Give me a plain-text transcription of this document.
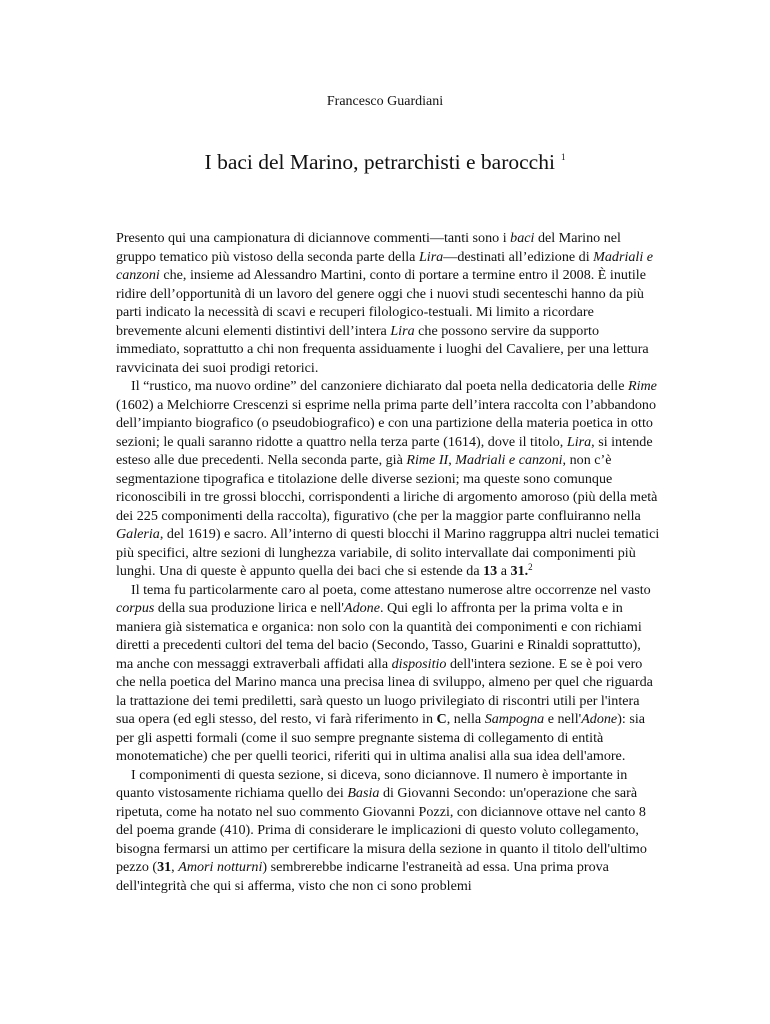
Francesco Guardiani
I baci del Marino, petrarchisti e barocchi $^1$

Presento qui una campionatura di diciannove commenti—tanti sono i baci del Marino nel gruppo tematico più vistoso della seconda parte della Lira—destinati all’edizione di Madriali e canzoni che, insieme ad Alessandro Martini, conto di portare a termine entro il 2008. È inutile ridire dell’opportunità di un lavoro del genere oggi che i nuovi studi secenteschi hanno da più parti indicato la necessità di scavi e recuperi filologico-testuali. Mi limito a ricordare brevemente alcuni elementi distintivi dell’intera Lira che possono servire da supporto immediato, soprattutto a chi non frequenta assiduamente i luoghi del Cavaliere, per una lettura ravvicinata dei suoi prodigi retorici.

Il “rustico, ma nuovo ordine” del canzoniere dichiarato dal poeta nella dedicatoria delle Rime (1602) a Melchiorre Crescenzi si esprime nella prima parte dell’intera raccolta con l’abbandono dell’impianto biografico (o pseudobiografico) e con una partizione della materia poetica in otto sezioni; le quali saranno ridotte a quattro nella terza parte (1614), dove il titolo, Lira, si intende esteso alle due precedenti. Nella seconda parte, già Rime II, Madriali e canzoni, non c’è segmentazione tipografica e titolazione delle diverse sezioni; ma queste sono comunque riconoscibili in tre grossi blocchi, corrispondenti a liriche di argomento amoroso (più della metà dei 225 componimenti della raccolta), figurativo (che per la maggior parte confluiranno nella Galeria, del 1619) e sacro. All’interno di questi blocchi il Marino raggruppa altri nuclei tematici più specifici, altre sezioni di lunghezza variabile, di solito intervallate dai componimenti più lunghi. Una di queste è appunto quella dei baci che si estende da 13 a 31.$^2$

Il tema fu particolarmente caro al poeta, come attestano numerose altre occorrenze nel vasto corpus della sua produzione lirica e nell'Adone. Qui egli lo affronta per la prima volta e in maniera già sistematica e organica: non solo con la quantità dei componimenti e con richiami diretti a precedenti cultori del tema del bacio (Secondo, Tasso, Guarini e Rinaldi soprattutto), ma anche con messaggi extraverbali affidati alla dispositio dell'intera sezione. E se è poi vero che nella poetica del Marino manca una precisa linea di sviluppo, almeno per quel che riguarda la trattazione dei temi prediletti, sarà questo un luogo privilegiato di riscontri utili per l'intera sua opera (ed egli stesso, del resto, vi farà riferimento in C, nella Sampogna e nell'Adone): sia per gli aspetti formali (come il suo sempre pregnante sistema di collegamento di entità monotematiche) che per quelli teorici, riferiti qui in ultima analisi alla sua idea dell'amore.

I componimenti di questa sezione, si diceva, sono diciannove. Il numero è importante in quanto vistosamente richiama quello dei Basia di Giovanni Secondo: un'operazione che sarà ripetuta, come ha notato nel suo commento Giovanni Pozzi, con diciannove ottave nel canto 8 del poema grande (410). Prima di considerare le implicazioni di questo voluto collegamento, bisogna fermarsi un attimo per certificare la misura della sezione in quanto il titolo dell'ultimo pezzo (31, Amori notturni) sembrerebbe indicarne l'estraneità ad essa. Una prima prova dell'integrità che qui si afferma, visto che non ci sono problemi
